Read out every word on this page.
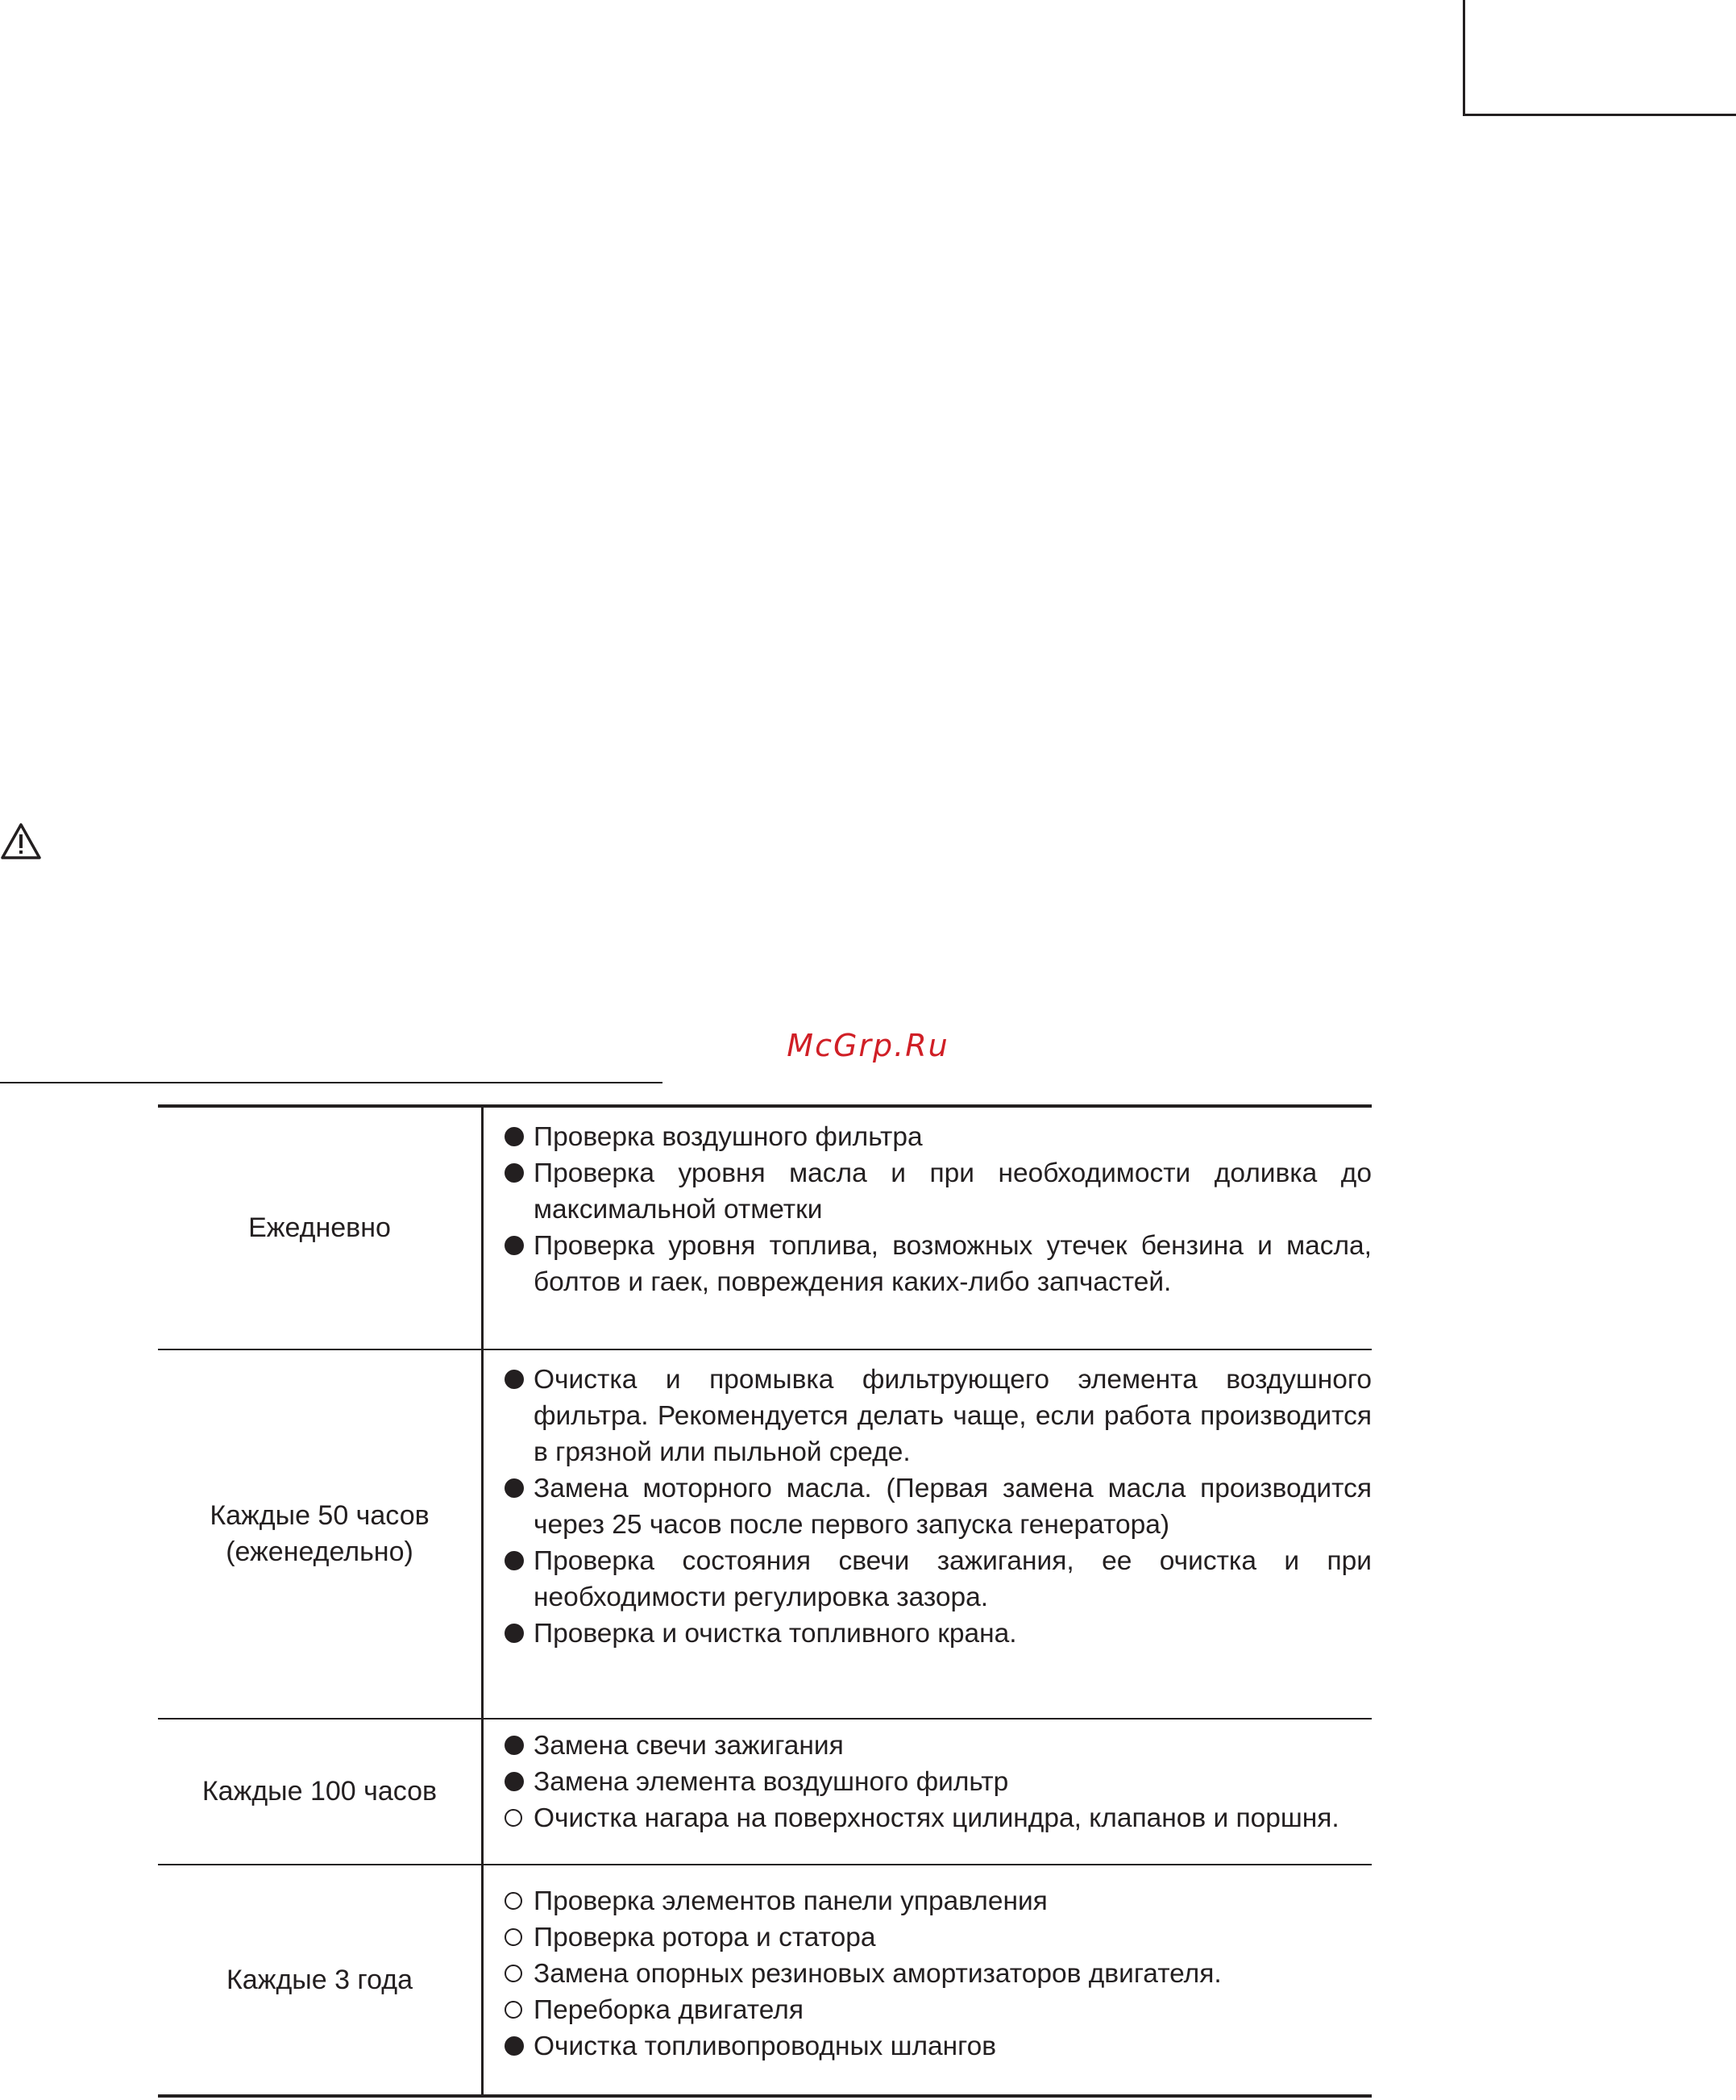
McGrp.Ru
Ежедневно
Проверка воздушного фильтра
Проверка уровня масла и при необходимости доливка до максимальной отметки
Проверка уровня топлива, возможных утечек бензина и масла, болтов и гаек, повреждения каких-либо запчастей.
Каждые 50 часов
(еженедельно)
Очистка и промывка фильтрующего элемента воздушного фильтра. Рекомендуется делать чаще, если работа производится в грязной или пыльной среде.
Замена моторного масла. (Первая замена масла производится через 25 часов после первого запуска генератора)
Проверка состояния свечи зажигания, ее очистка и при необходимости регулировка зазора.
Проверка и очистка топливного крана.
Каждые 100 часов
Замена свечи зажигания
Замена элемента воздушного фильтр
Очистка нагара на поверхностях цилиндра, клапанов и поршня.
Каждые 3 года
Проверка элементов панели управления
Проверка ротора и статора
Замена опорных резиновых амортизаторов двигателя.
Переборка двигателя
Очистка топливопроводных шлангов
